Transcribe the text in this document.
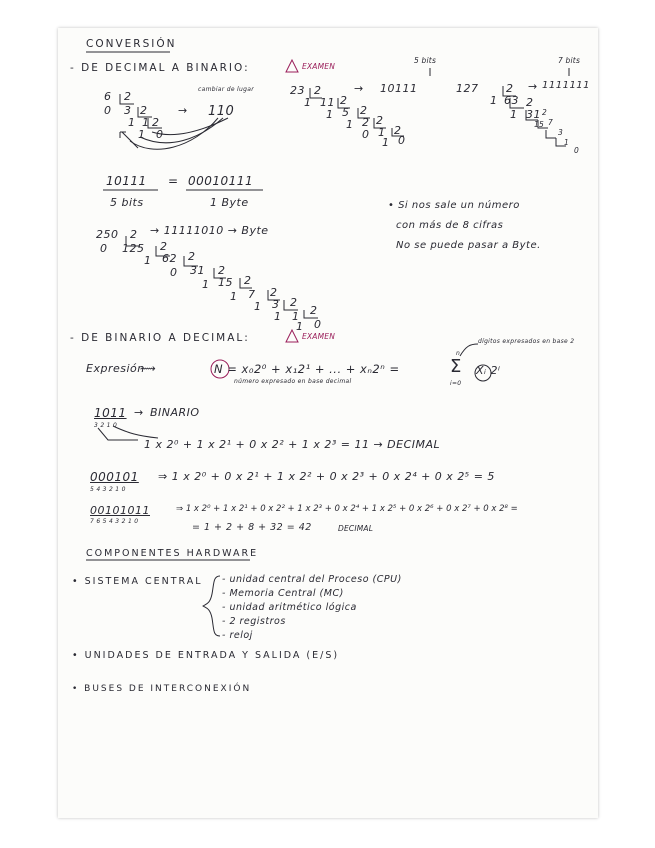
CONVERSIÓN
- DE DECIMAL A BINARIO:	EXAMEN
6 2
0 3 2
1 1 2
1 0
→
cambiar de lugar
110
23 2
1 11 2
1 5 2
1 2 2
0 1 2
1 0
→ 10111
5 bits
127	2
1 63 2
1 31 2
15 7
3
1
0
→ 1111111
7 bits
10111 = 00010111
5 bits	1 Byte	• Si nos sale un número
con más de 8 cifras
No se puede pasar a Byte.
250 2 → 11111010 → Byte
0 125 2
1 62 2
0 31 2
1 15 2
1 7 2
1 3 2
1 1 2
1 0
- DE BINARIO A DECIMAL:	EXAMEN
Expresión
⟿	N = x₀2⁰ + x₁2¹ + ... + xₙ2ⁿ =
n
Σ
i=0
Xᵢ 2ⁱ
dígitos expresados en base 2
número expresado en base decimal
1011
3 2 1 0
→ BINARIO
1 x 2⁰ + 1 x 2¹ + 0 x 2² + 1 x 2³ = 11 → DECIMAL
000101
5 4 3 2 1 0
⇒ 1 x 2⁰ + 0 x 2¹ + 1 x 2² + 0 x 2³ + 0 x 2⁴ + 0 x 2⁵ = 5
00101011
7 6 5 4 3 2 1 0
⇒ 1 x 2⁰ + 1 x 2¹ + 0 x 2² + 1 x 2³ + 0 x 2⁴ + 1 x 2⁵ + 0 x 2⁶ + 0 x 2⁷ + 0 x 2⁸ =
= 1 + 2 + 8 + 32 = 42	DECIMAL
COMPONENTES HARDWARE
• SISTEMA CENTRAL - unidad central del Proceso (CPU)
- Memoria Central (MC)
- unidad aritmético lógica
- 2 registros
- reloj
• UNIDADES DE ENTRADA Y SALIDA (E/S)
• BUSES DE INTERCONEXIÓN
